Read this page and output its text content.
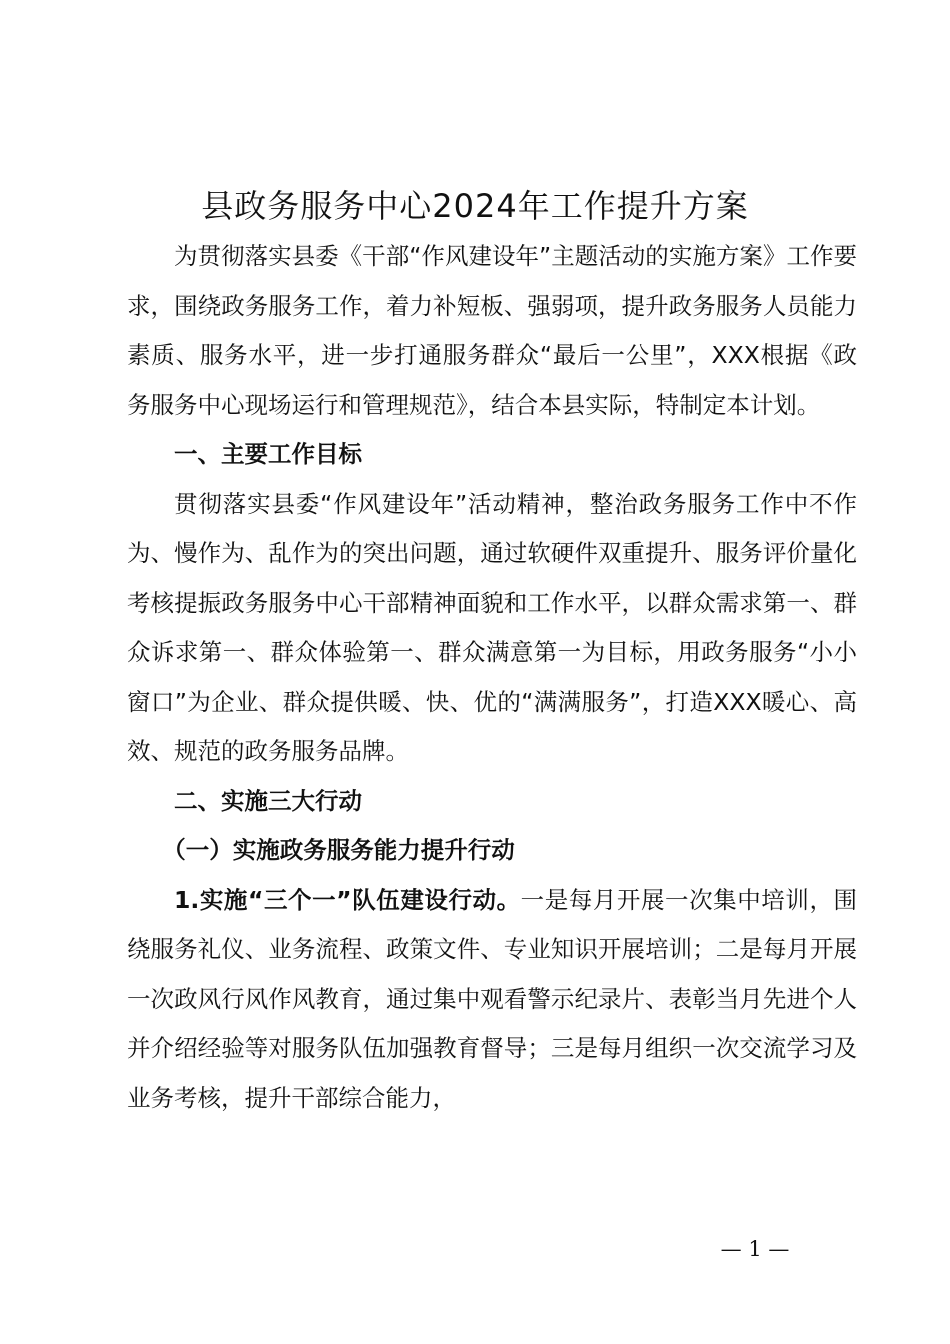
县政务服务中心2024年工作提升方案

为贯彻落实县委《干部“作风建设年”主题活动的实施方案》工作要求，围绕政务服务工作，着力补短板、强弱项，提升政务服务人员能力素质、服务水平，进一步打通服务群众“最后一公里”，XXX根据《政务服务中心现场运行和管理规范》，结合本县实际，特制定本计划。

一、主要工作目标

贯彻落实县委“作风建设年”活动精神，整治政务服务工作中不作为、慢作为、乱作为的突出问题，通过软硬件双重提升、服务评价量化考核提振政务服务中心干部精神面貌和工作水平，以群众需求第一、群众诉求第一、群众体验第一、群众满意第一为目标，用政务服务“小小窗口”为企业、群众提供暖、快、优的“满满服务”，打造XXX暖心、高效、规范的政务服务品牌。

二、实施三大行动

（一）实施政务服务能力提升行动

1.实施“三个一”队伍建设行动。一是每月开展一次集中培训，围绕服务礼仪、业务流程、政策文件、专业知识开展培训；二是每月开展一次政风行风作风教育，通过集中观看警示纪录片、表彰当月先进个人并介绍经验等对服务队伍加强教育督导；三是每月组织一次交流学习及业务考核，提升干部综合能力，

— 1 —
